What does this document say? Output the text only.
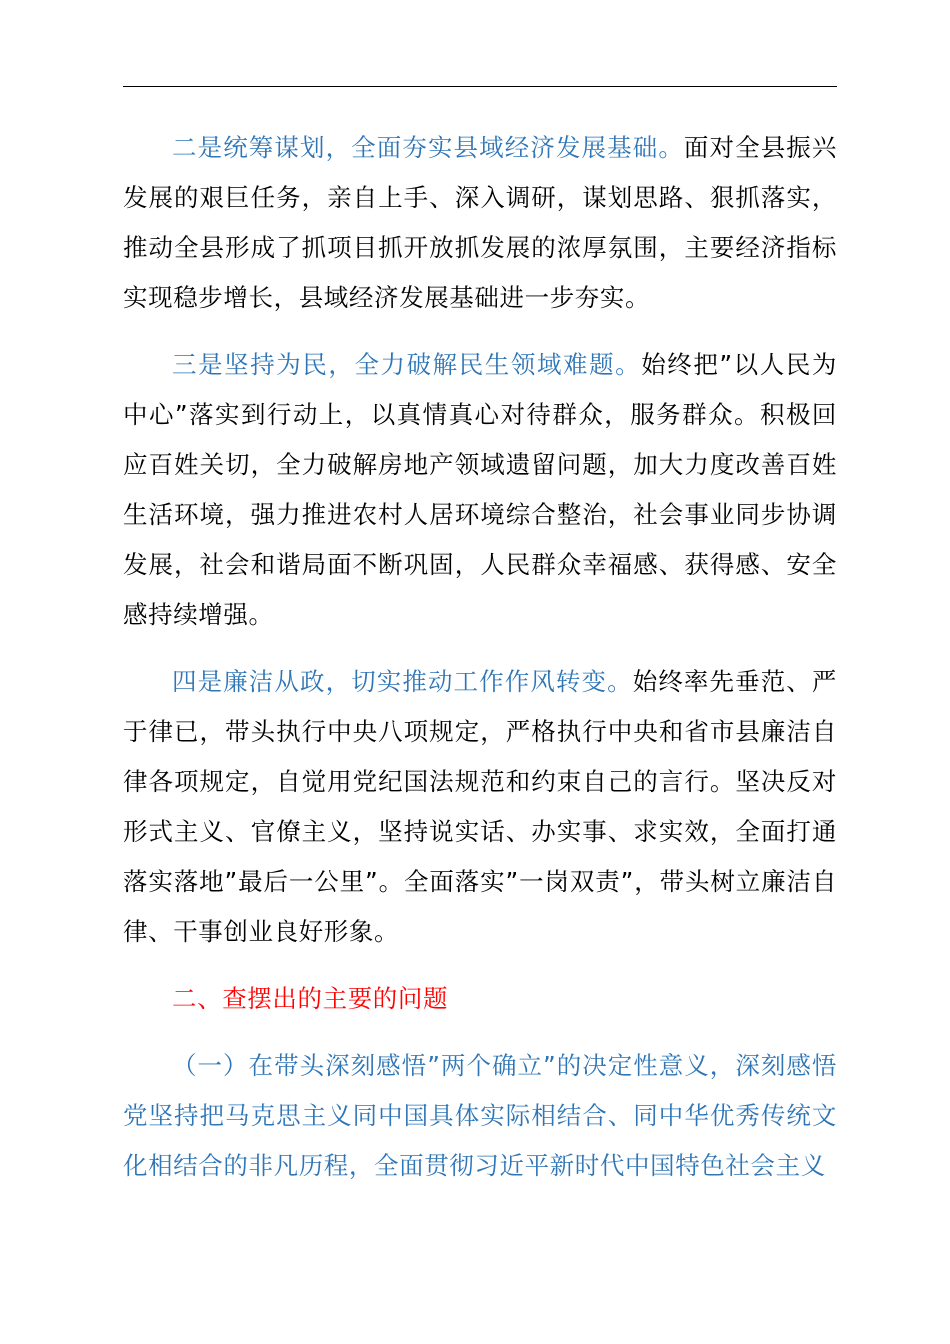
二是统筹谋划，全面夯实县域经济发展基础。面对全县振兴发展的艰巨任务，亲自上手、深入调研，谋划思路、狠抓落实，推动全县形成了抓项目抓开放抓发展的浓厚氛围，主要经济指标实现稳步增长，县域经济发展基础进一步夯实。

三是坚持为民，全力破解民生领域难题。始终把”以人民为中心”落实到行动上，以真情真心对待群众，服务群众。积极回应百姓关切，全力破解房地产领域遗留问题，加大力度改善百姓生活环境，强力推进农村人居环境综合整治，社会事业同步协调发展，社会和谐局面不断巩固，人民群众幸福感、获得感、安全感持续增强。

四是廉洁从政，切实推动工作作风转变。始终率先垂范、严于律已，带头执行中央八项规定，严格执行中央和省市县廉洁自律各项规定，自觉用党纪国法规范和约束自己的言行。坚决反对形式主义、官僚主义，坚持说实话、办实事、求实效，全面打通落实落地”最后一公里”。全面落实”一岗双责”，带头树立廉洁自律、干事创业良好形象。

二、查摆出的主要的问题

（一）在带头深刻感悟”两个确立”的决定性意义，深刻感悟党坚持把马克思主义同中国具体实际相结合、同中华优秀传统文化相结合的非凡历程，全面贯彻习近平新时代中国特色社会主义
